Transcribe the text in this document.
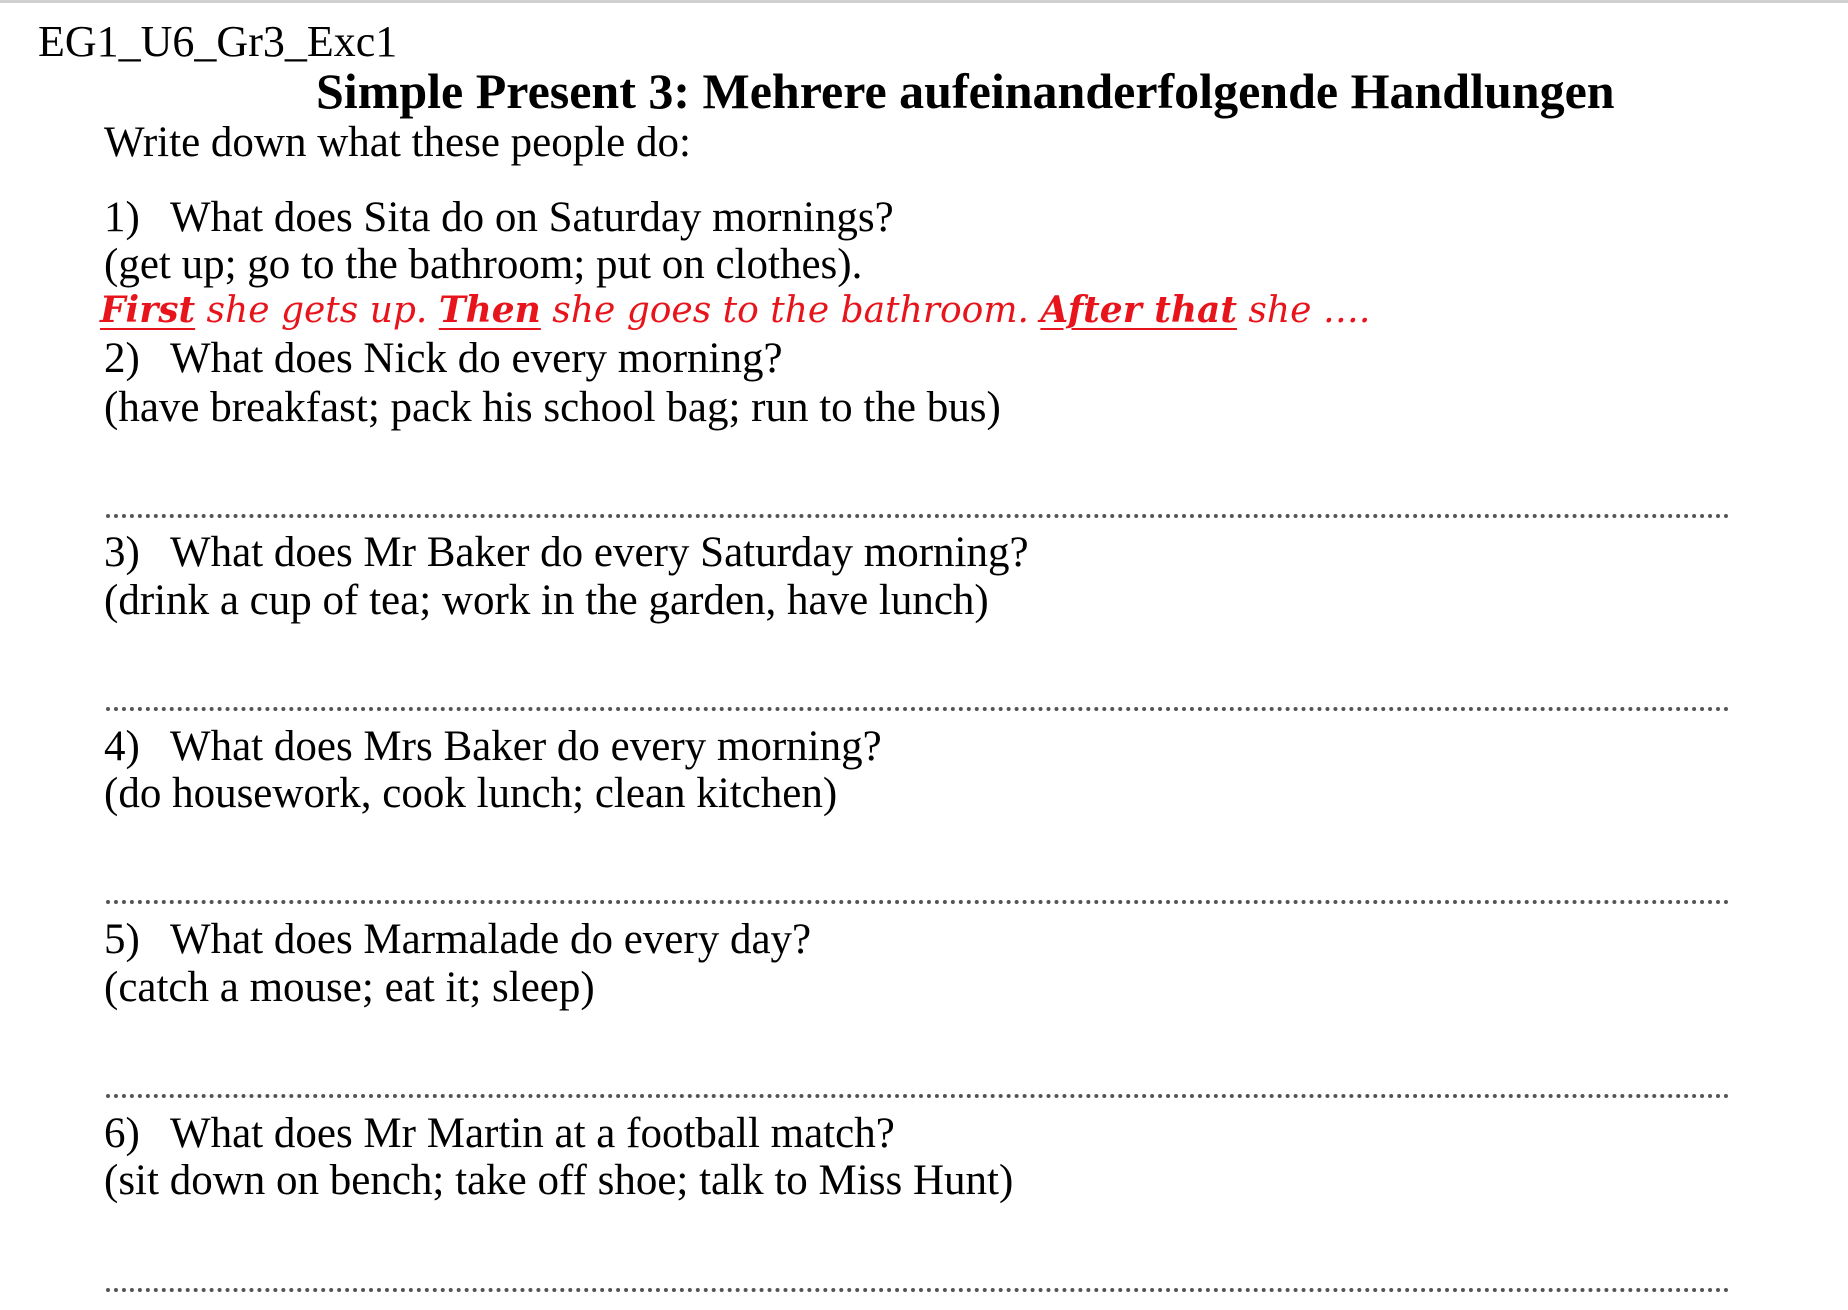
EG1_U6_Gr3_Exc1
Simple Present 3: Mehrere aufeinanderfolgende Handlungen
Write down what these people do:
1) What does Sita do on Saturday mornings?
(get up; go to the bathroom; put on clothes).
First she gets up. Then she goes to the bathroom. After that she ….
2) What does Nick do every morning?
(have breakfast; pack his school bag; run to the bus)
3) What does Mr Baker do every Saturday morning?
(drink a cup of tea; work in the garden, have lunch)
4) What does Mrs Baker do every morning?
(do housework, cook lunch; clean kitchen)
5) What does Marmalade do every day?
(catch a mouse; eat it; sleep)
6) What does Mr Martin at a football match?
(sit down on bench; take off shoe; talk to Miss Hunt)
